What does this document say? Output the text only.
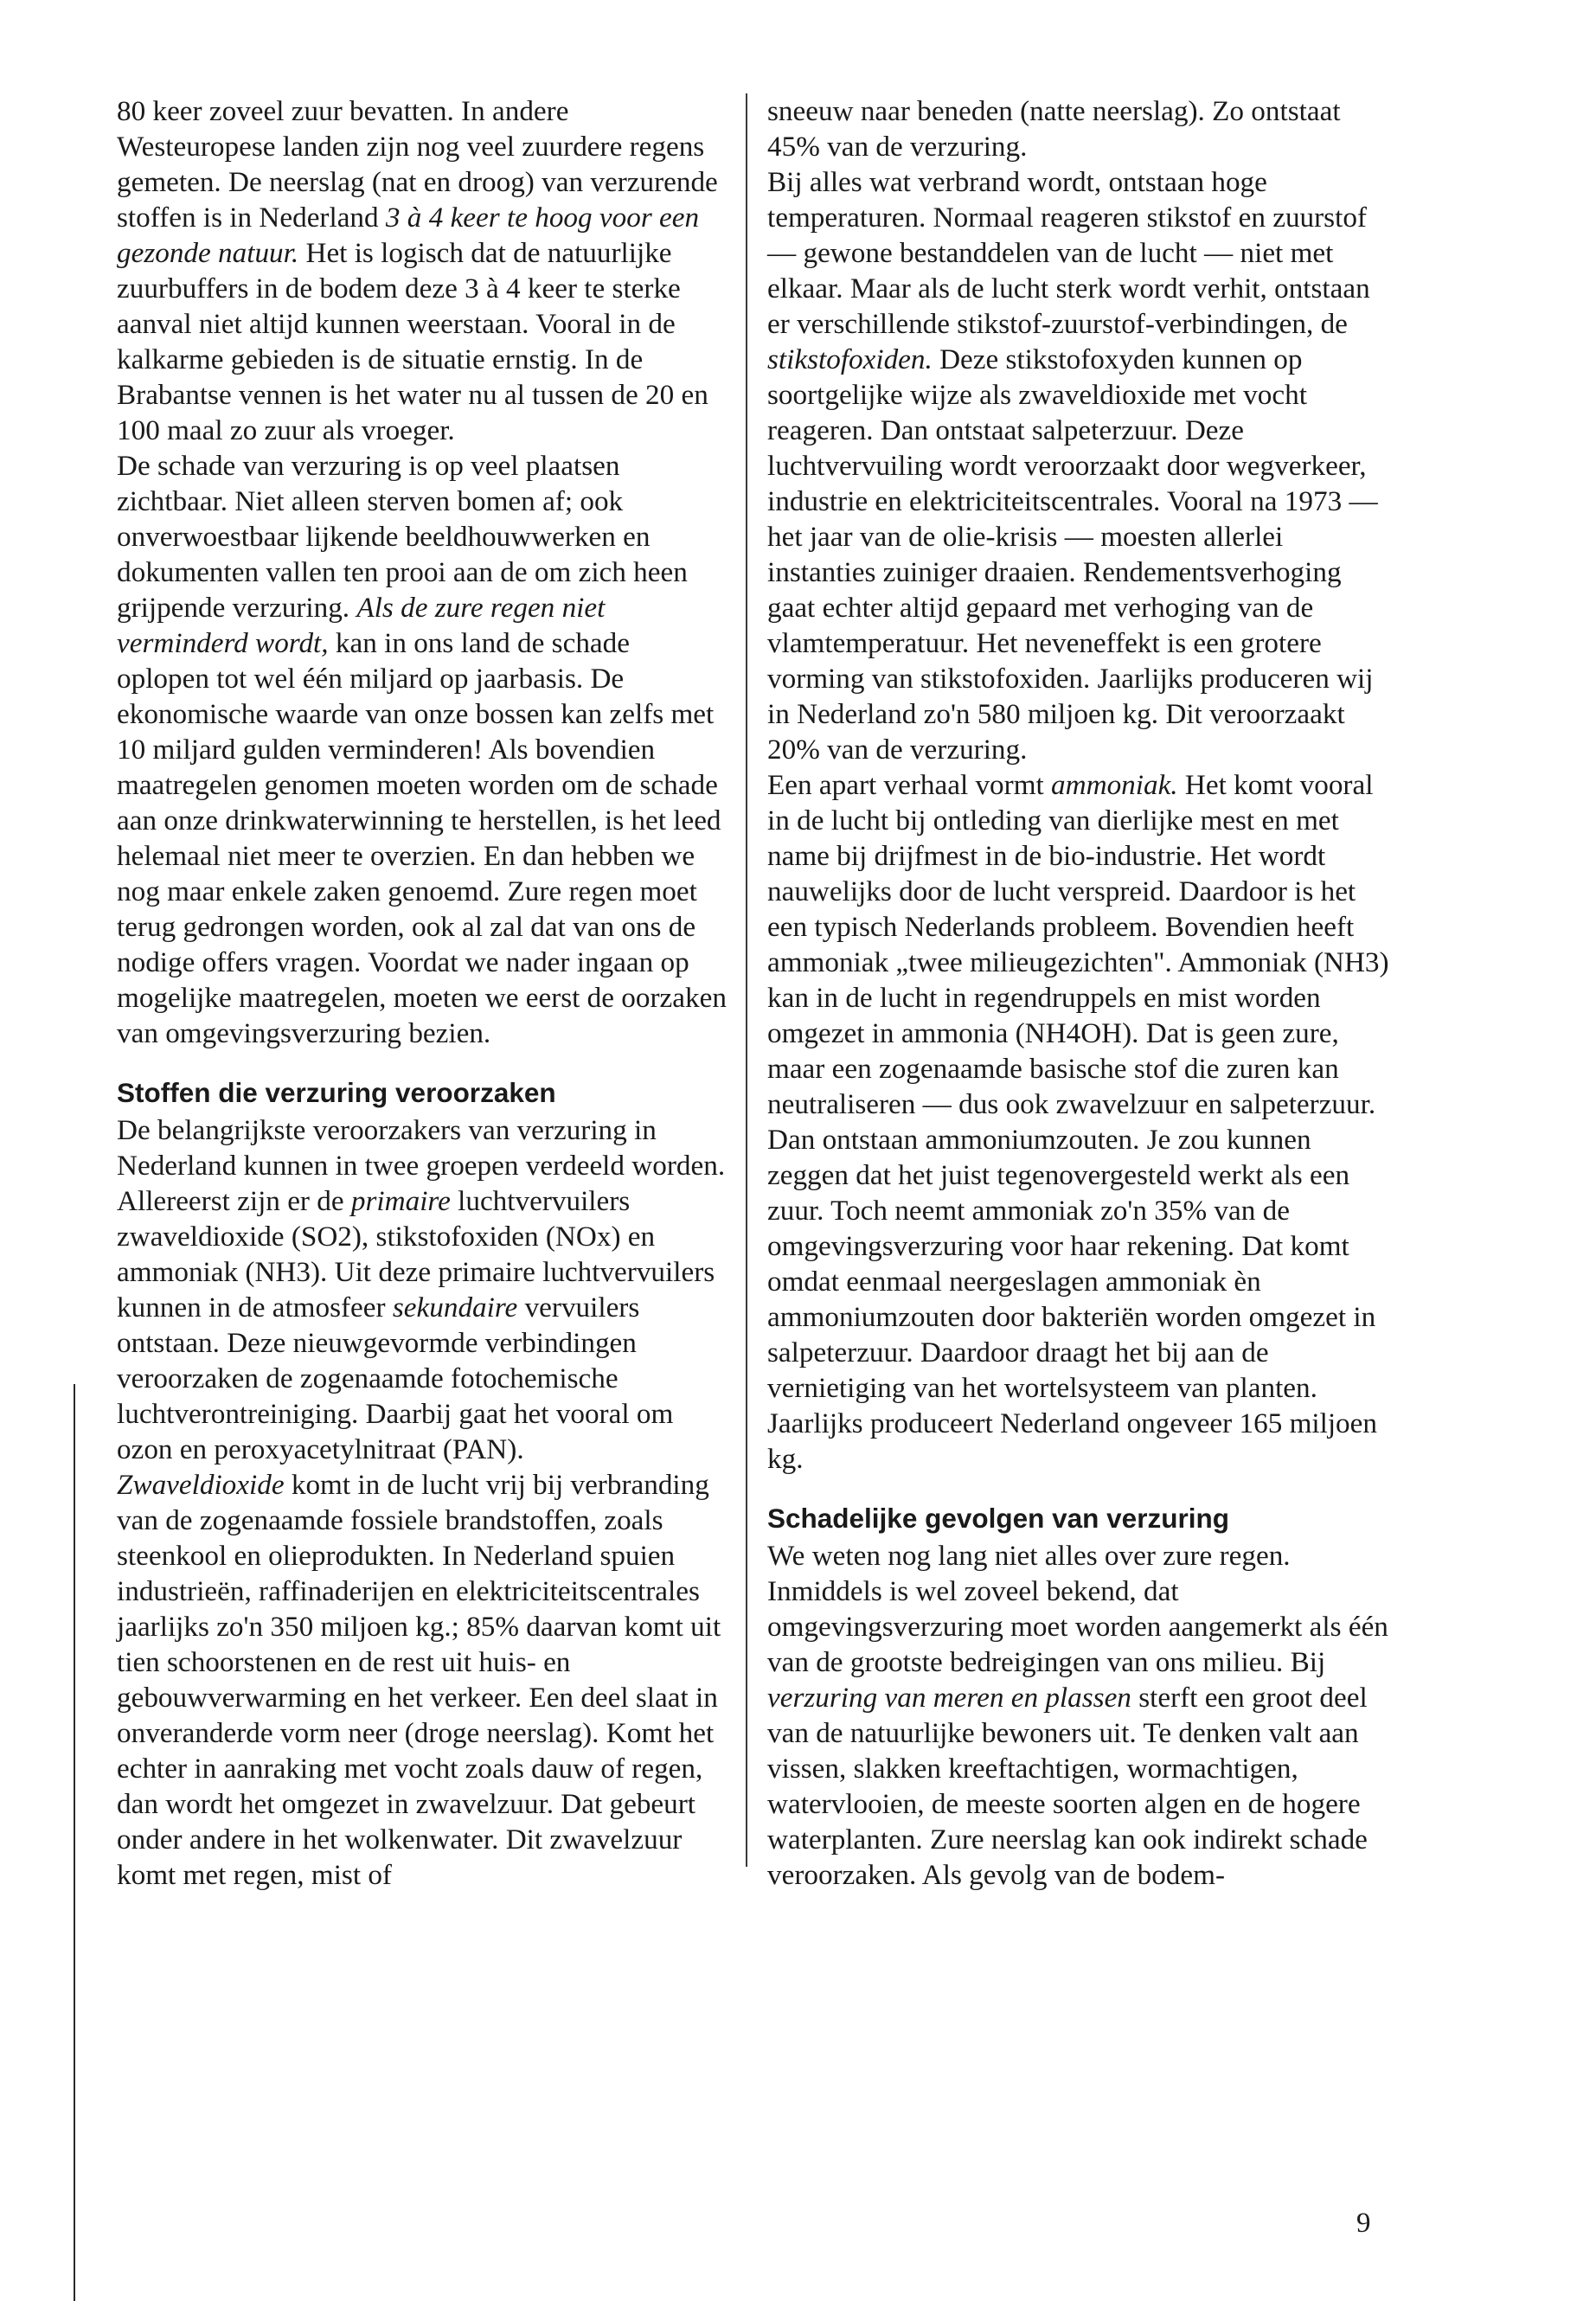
80 keer zoveel zuur bevatten. In andere Westeuropese landen zijn nog veel zuurdere regens gemeten. De neerslag (nat en droog) van verzurende stoffen is in Nederland 3 à 4 keer te hoog voor een gezonde natuur. Het is logisch dat de natuurlijke zuurbuffers in de bodem deze 3 à 4 keer te sterke aanval niet altijd kunnen weerstaan. Vooral in de kalkarme gebieden is de situatie ernstig. In de Brabantse vennen is het water nu al tussen de 20 en 100 maal zo zuur als vroeger.

De schade van verzuring is op veel plaatsen zichtbaar. Niet alleen sterven bomen af; ook onverwoestbaar lijkende beeldhouwwerken en dokumenten vallen ten prooi aan de om zich heen grijpende verzuring. Als de zure regen niet verminderd wordt, kan in ons land de schade oplopen tot wel één miljard op jaarbasis. De ekonomische waarde van onze bossen kan zelfs met 10 miljard gulden verminderen! Als bovendien maatregelen genomen moeten worden om de schade aan onze drinkwaterwinning te herstellen, is het leed helemaal niet meer te overzien. En dan hebben we nog maar enkele zaken genoemd. Zure regen moet terug gedrongen worden, ook al zal dat van ons de nodige offers vragen. Voordat we nader ingaan op mogelijke maatregelen, moeten we eerst de oorzaken van omgevingsverzuring bezien.

Stoffen die verzuring veroorzaken

De belangrijkste veroorzakers van verzuring in Nederland kunnen in twee groepen verdeeld worden. Allereerst zijn er de primaire luchtvervuilers zwaveldioxide (SO2), stikstofoxiden (NOx) en ammoniak (NH3). Uit deze primaire luchtvervuilers kunnen in de atmosfeer sekundaire vervuilers ontstaan. Deze nieuwgevormde verbindingen veroorzaken de zogenaamde fotochemische luchtverontreiniging. Daarbij gaat het vooral om ozon en peroxyacetylnitraat (PAN).

Zwaveldioxide komt in de lucht vrij bij verbranding van de zogenaamde fossiele brandstoffen, zoals steenkool en olieprodukten. In Nederland spuien industrieën, raffinaderijen en elektriciteitscentrales jaarlijks zo'n 350 miljoen kg.; 85% daarvan komt uit tien schoorstenen en de rest uit huis- en gebouwverwarming en het verkeer. Een deel slaat in onveranderde vorm neer (droge neerslag). Komt het echter in aanraking met vocht zoals dauw of regen, dan wordt het omgezet in zwavelzuur. Dat gebeurt onder andere in het wolkenwater. Dit zwavelzuur komt met regen, mist of

sneeuw naar beneden (natte neerslag). Zo ontstaat 45% van de verzuring.

Bij alles wat verbrand wordt, ontstaan hoge temperaturen. Normaal reageren stikstof en zuurstof — gewone bestanddelen van de lucht — niet met elkaar. Maar als de lucht sterk wordt verhit, ontstaan er verschillende stikstof-zuurstof-verbindingen, de stikstofoxiden. Deze stikstofoxyden kunnen op soortgelijke wijze als zwaveldioxide met vocht reageren. Dan ontstaat salpeterzuur. Deze luchtvervuiling wordt veroorzaakt door wegverkeer, industrie en elektriciteitscentrales. Vooral na 1973 — het jaar van de olie-krisis — moesten allerlei instanties zuiniger draaien. Rendementsverhoging gaat echter altijd gepaard met verhoging van de vlamtemperatuur. Het neveneffekt is een grotere vorming van stikstofoxiden. Jaarlijks produceren wij in Nederland zo'n 580 miljoen kg. Dit veroorzaakt 20% van de verzuring.

Een apart verhaal vormt ammoniak. Het komt vooral in de lucht bij ontleding van dierlijke mest en met name bij drijfmest in de bio-industrie. Het wordt nauwelijks door de lucht verspreid. Daardoor is het een typisch Nederlands probleem. Bovendien heeft ammoniak „twee milieugezichten". Ammoniak (NH3) kan in de lucht in regendruppels en mist worden omgezet in ammonia (NH4OH). Dat is geen zure, maar een zogenaamde basische stof die zuren kan neutraliseren — dus ook zwavelzuur en salpeterzuur. Dan ontstaan ammoniumzouten. Je zou kunnen zeggen dat het juist tegenovergesteld werkt als een zuur. Toch neemt ammoniak zo'n 35% van de omgevingsverzuring voor haar rekening. Dat komt omdat eenmaal neergeslagen ammoniak èn ammoniumzouten door bakteriën worden omgezet in salpeterzuur. Daardoor draagt het bij aan de vernietiging van het wortelsysteem van planten. Jaarlijks produceert Nederland ongeveer 165 miljoen kg.

Schadelijke gevolgen van verzuring

We weten nog lang niet alles over zure regen. Inmiddels is wel zoveel bekend, dat omgevingsverzuring moet worden aangemerkt als één van de grootste bedreigingen van ons milieu. Bij verzuring van meren en plassen sterft een groot deel van de natuurlijke bewoners uit. Te denken valt aan vissen, slakken kreeftachtigen, wormachtigen, watervlooien, de meeste soorten algen en de hogere waterplanten. Zure neerslag kan ook indirekt schade veroorzaken. Als gevolg van de bodem-

9
